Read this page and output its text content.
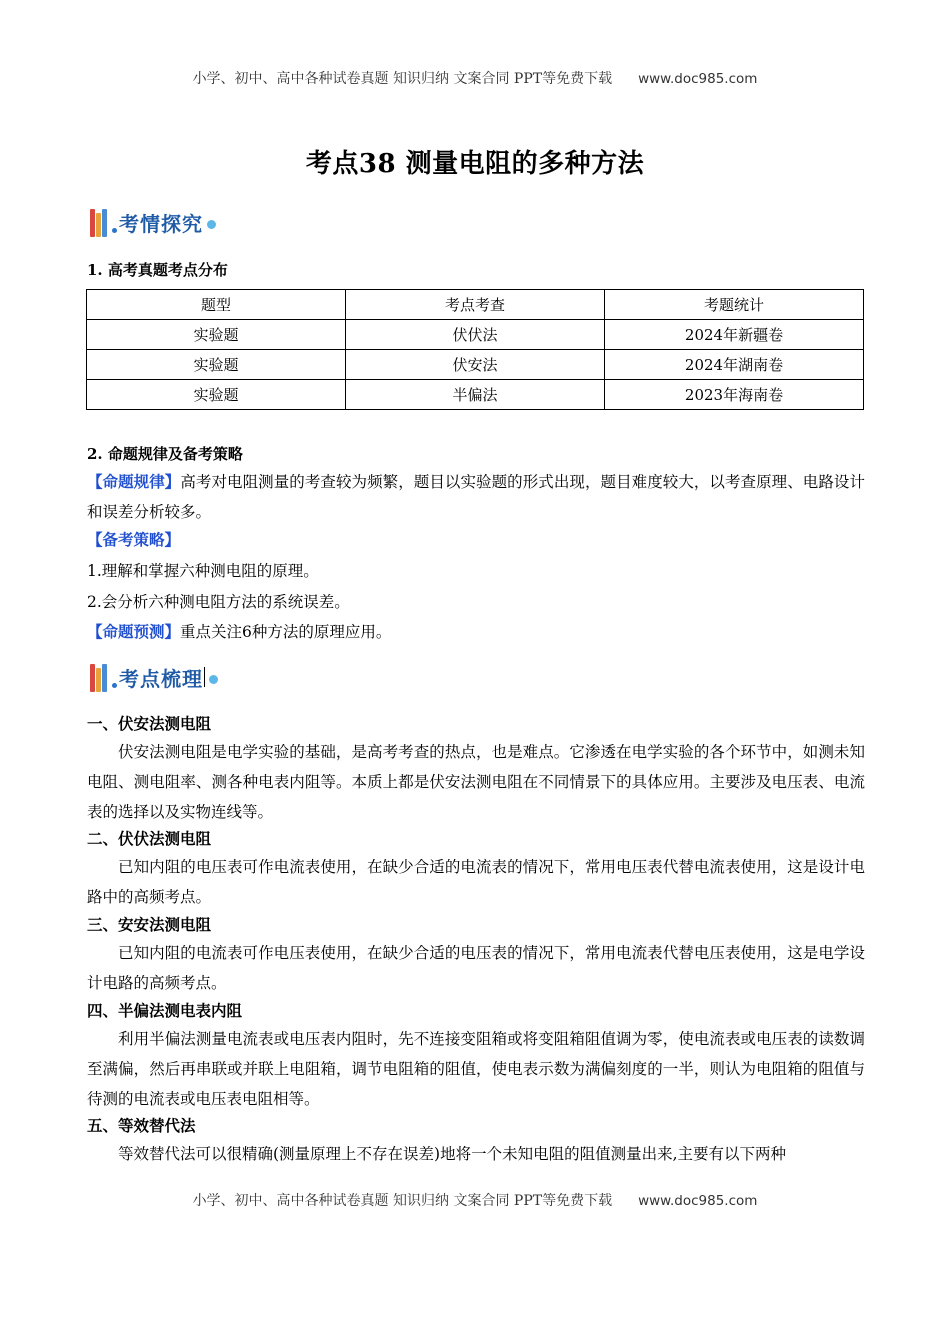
小学、初中、高中各种试卷真题 知识归纳 文案合同 PPT等免费下载 www.doc985.com
考点38 测量电阻的多种方法
考情探究
1. 高考真题考点分布
题型	考点考查	考题统计
实验题	伏伏法	2024年新疆卷
实验题	伏安法	2024年湖南卷
实验题	半偏法	2023年海南卷
2. 命题规律及备考策略
【命题规律】高考对电阻测量的考查较为频繁，题目以实验题的形式出现，题目难度较大，以考查原理、电路设计和误差分析较多。
【备考策略】
1.理解和掌握六种测电阻的原理。
2.会分析六种测电阻方法的系统误差。
【命题预测】重点关注6种方法的原理应用。
考点梳理
一、伏安法测电阻
伏安法测电阻是电学实验的基础，是高考考查的热点，也是难点。它渗透在电学实验的各个环节中，如测未知电阻、测电阻率、测各种电表内阻等。本质上都是伏安法测电阻在不同情景下的具体应用。主要涉及电压表、电流表的选择以及实物连线等。
二、伏伏法测电阻
已知内阻的电压表可作电流表使用，在缺少合适的电流表的情况下，常用电压表代替电流表使用，这是设计电路中的高频考点。
三、安安法测电阻
已知内阻的电流表可作电压表使用，在缺少合适的电压表的情况下，常用电流表代替电压表使用，这是电学设计电路的高频考点。
四、半偏法测电表内阻
利用半偏法测量电流表或电压表内阻时，先不连接变阻箱或将变阻箱阻值调为零，使电流表或电压表的读数调至满偏，然后再串联或并联上电阻箱，调节电阻箱的阻值，使电表示数为满偏刻度的一半，则认为电阻箱的阻值与待测的电流表或电压表电阻相等。
五、等效替代法
等效替代法可以很精确(测量原理上不存在误差)地将一个未知电阻的阻值测量出来,主要有以下两种
小学、初中、高中各种试卷真题 知识归纳 文案合同 PPT等免费下载 www.doc985.com
